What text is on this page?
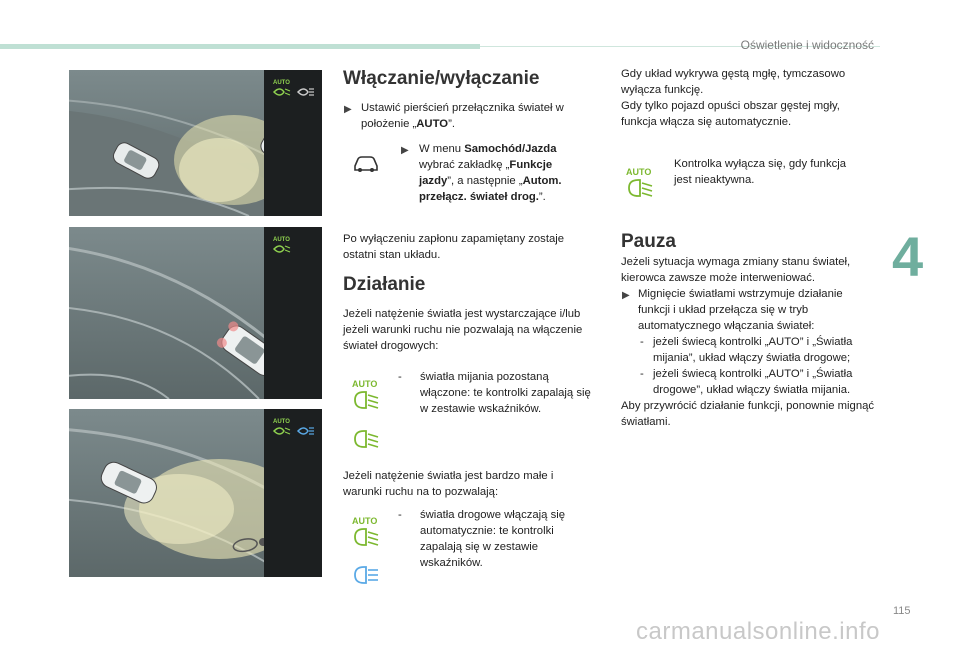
Oświetlenie i widoczność
4
115
carmanualsonline.info
AUTO
AUTO
AUTO
Włączanie/wyłączanie
▶ Ustawić pierścień przełącznika świateł w położenie „AUTO”.

▶ W menu Samochód/Jazda wybrać zakładkę „Funkcje jazdy”, a następnie „Autom. przełącz. świateł drog.”.

Po wyłączeniu zapłonu zapamiętany zostaje ostatni stan układu.

Działanie

Jeżeli natężenie światła jest wystarczające i/lub jeżeli warunki ruchu nie pozwalają na włączenie świateł drogowych:

AUTO
- światła mijania pozostaną włączone: te kontrolki zapalają się w zestawie wskaźników.

Jeżeli natężenie światła jest bardzo małe i warunki ruchu na to pozwalają:

AUTO - światła drogowe włączają się automatycznie: te kontrolki zapalają się w zestawie wskaźników.

Gdy układ wykrywa gęstą mgłę, tymczasowo wyłącza funkcję.
Gdy tylko pojazd opuści obszar gęstej mgły, funkcja włącza się automatycznie.

AUTO

Kontrolka wyłącza się, gdy funkcja jest nieaktywna.

Pauza

Jeżeli sytuacja wymaga zmiany stanu świateł, kierowca zawsze może interweniować.

▶ Mignięcie światłami wstrzymuje działanie funkcji i układ przełącza się w tryb automatycznego włączania świateł:

- jeżeli świecą kontrolki „AUTO” i „Światła mijania”, układ włączy światła drogowe;

- jeżeli świecą kontrolki „AUTO” i „Światła drogowe”, układ włączy światła mijania.

Aby przywrócić działanie funkcji, ponownie mignąć światłami.
